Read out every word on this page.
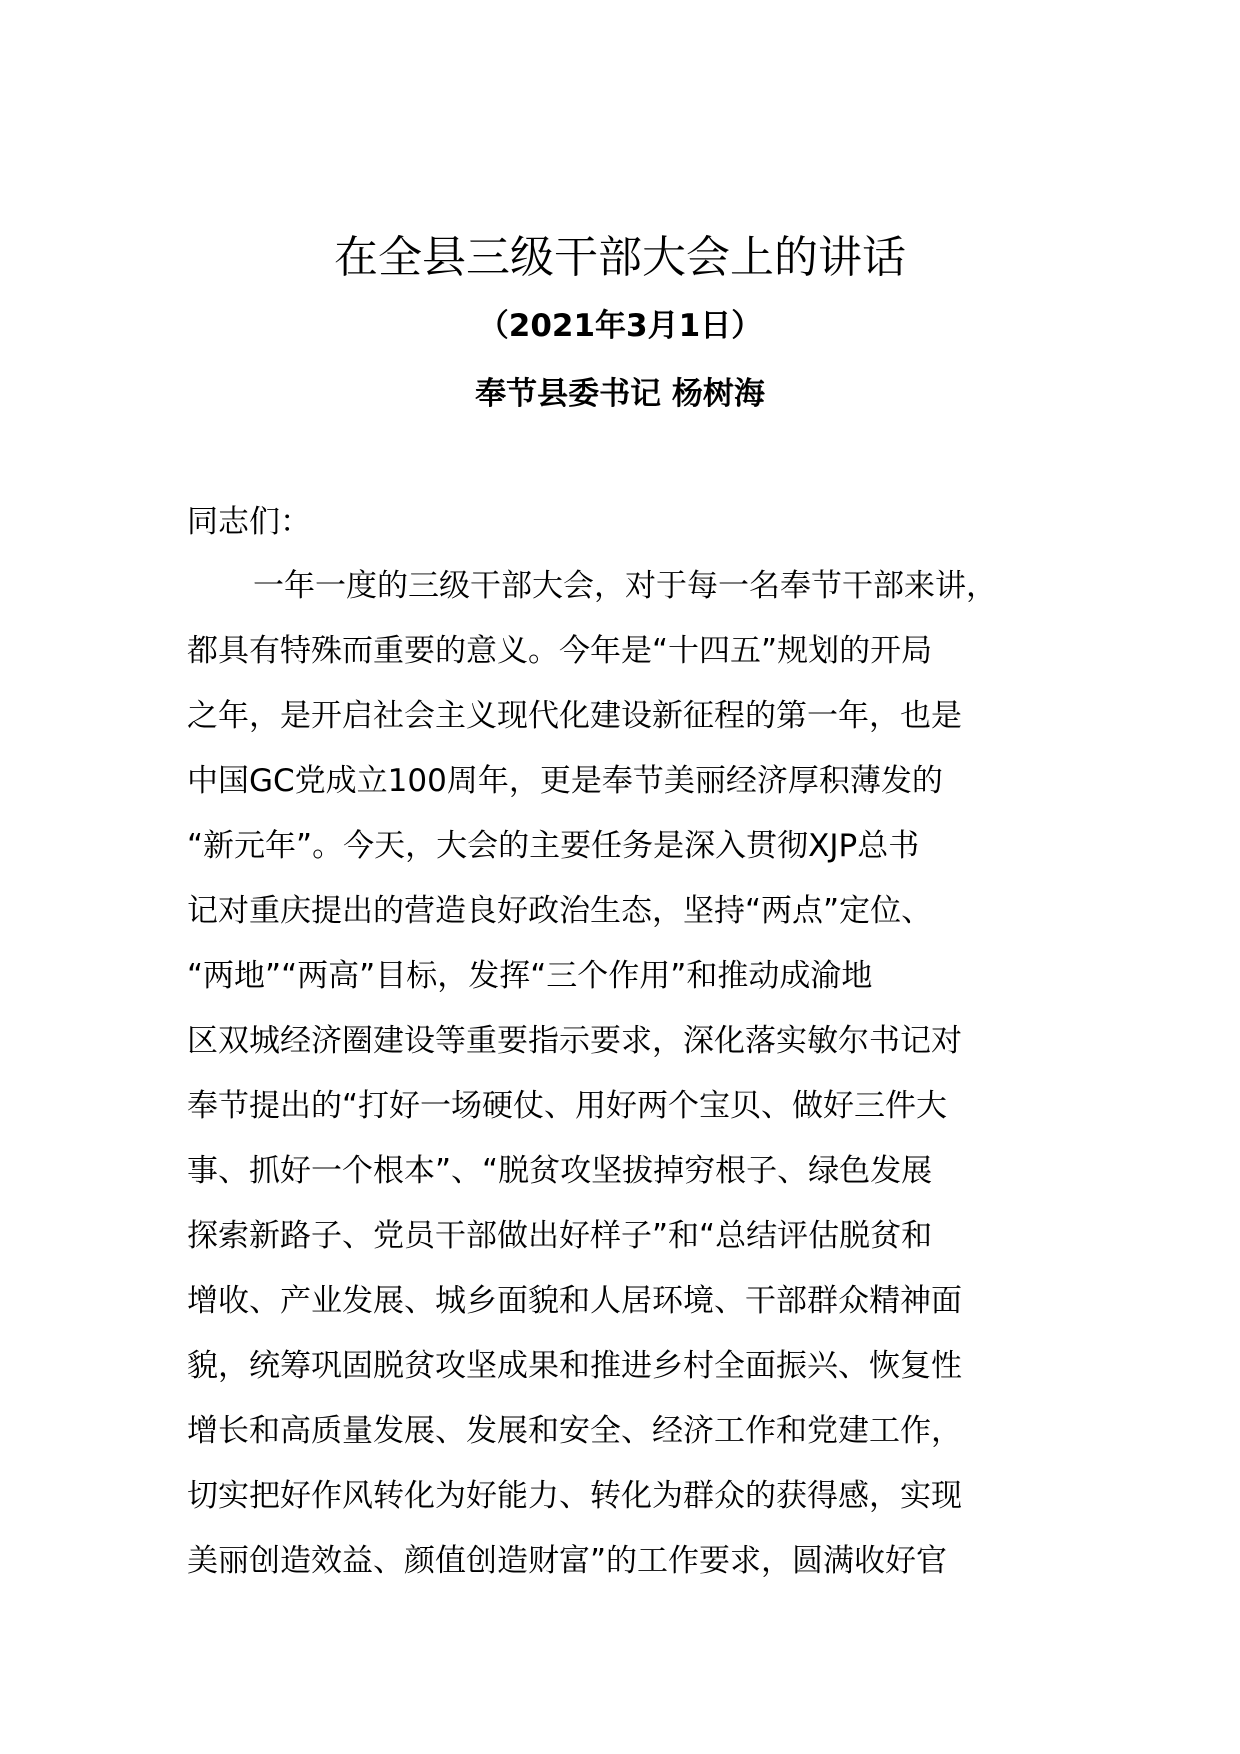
在全县三级干部大会上的讲话
（2021年3月1日）
奉节县委书记 杨树海
同志们：
一年一度的三级干部大会，对于每一名奉节干部来讲，
都具有特殊而重要的意义。今年是“十四五”规划的开局
之年，是开启社会主义现代化建设新征程的第一年，也是
中国GC党成立100周年，更是奉节美丽经济厚积薄发的
“新元年”。今天，大会的主要任务是深入贯彻XJP总书
记对重庆提出的营造良好政治生态，坚持“两点”定位、
“两地”“两高”目标，发挥“三个作用”和推动成渝地
区双城经济圈建设等重要指示要求，深化落实敏尔书记对
奉节提出的“打好一场硬仗、用好两个宝贝、做好三件大
事、抓好一个根本”、“脱贫攻坚拔掉穷根子、绿色发展
探索新路子、党员干部做出好样子”和“总结评估脱贫和
增收、产业发展、城乡面貌和人居环境、干部群众精神面
貌，统筹巩固脱贫攻坚成果和推进乡村全面振兴、恢复性
增长和高质量发展、发展和安全、经济工作和党建工作，
切实把好作风转化为好能力、转化为群众的获得感，实现
美丽创造效益、颜值创造财富”的工作要求，圆满收好官
